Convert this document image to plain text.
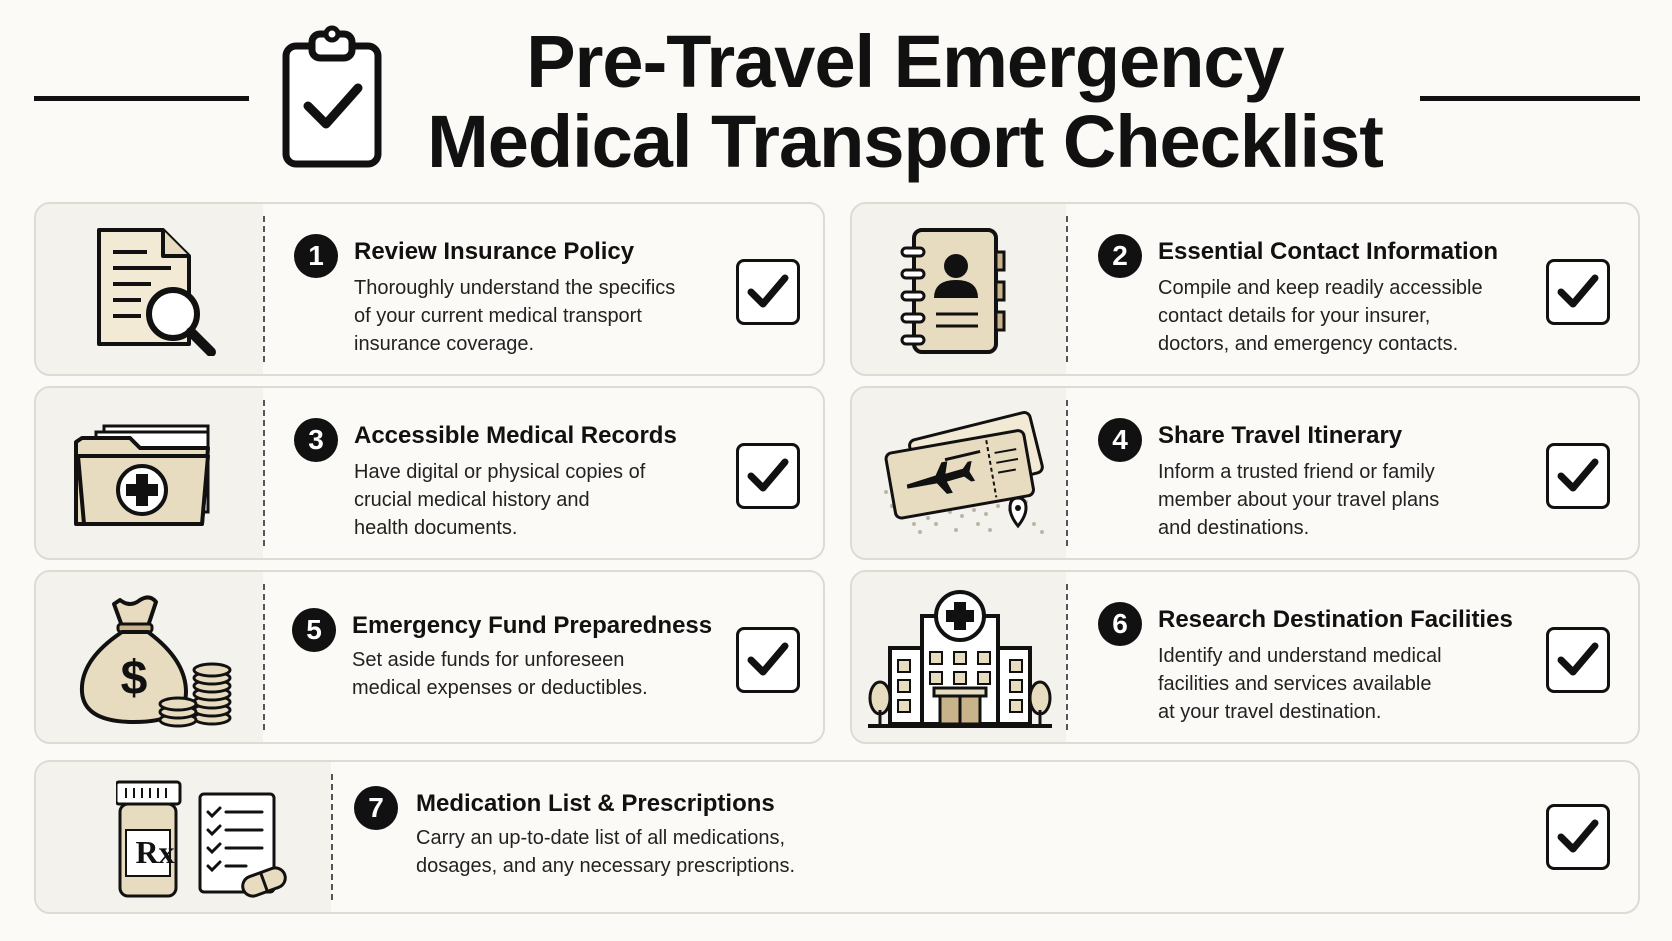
Pre-Travel Emergency
Medical Transport Checklist
1	Review Insurance Policy
Thoroughly understand the specifics
of your current medical transport
insurance coverage.
2	Essential Contact Information
Compile and keep readily accessible
contact details for your insurer,
doctors, and emergency contacts.
3	Accessible Medical Records
Have digital or physical copies of
crucial medical history and
health documents.
4	Share Travel Itinerary
Inform a trusted friend or family
member about your travel plans
and destinations.
$
5	Emergency Fund Preparedness
Set aside funds for unforeseen
medical expenses or deductibles.
6	Research Destination Facilities
Identify and understand medical
facilities and services available
at your travel destination.
Rx
7	Medication List & Prescriptions
Carry an up-to-date list of all medications,
dosages, and any necessary prescriptions.
